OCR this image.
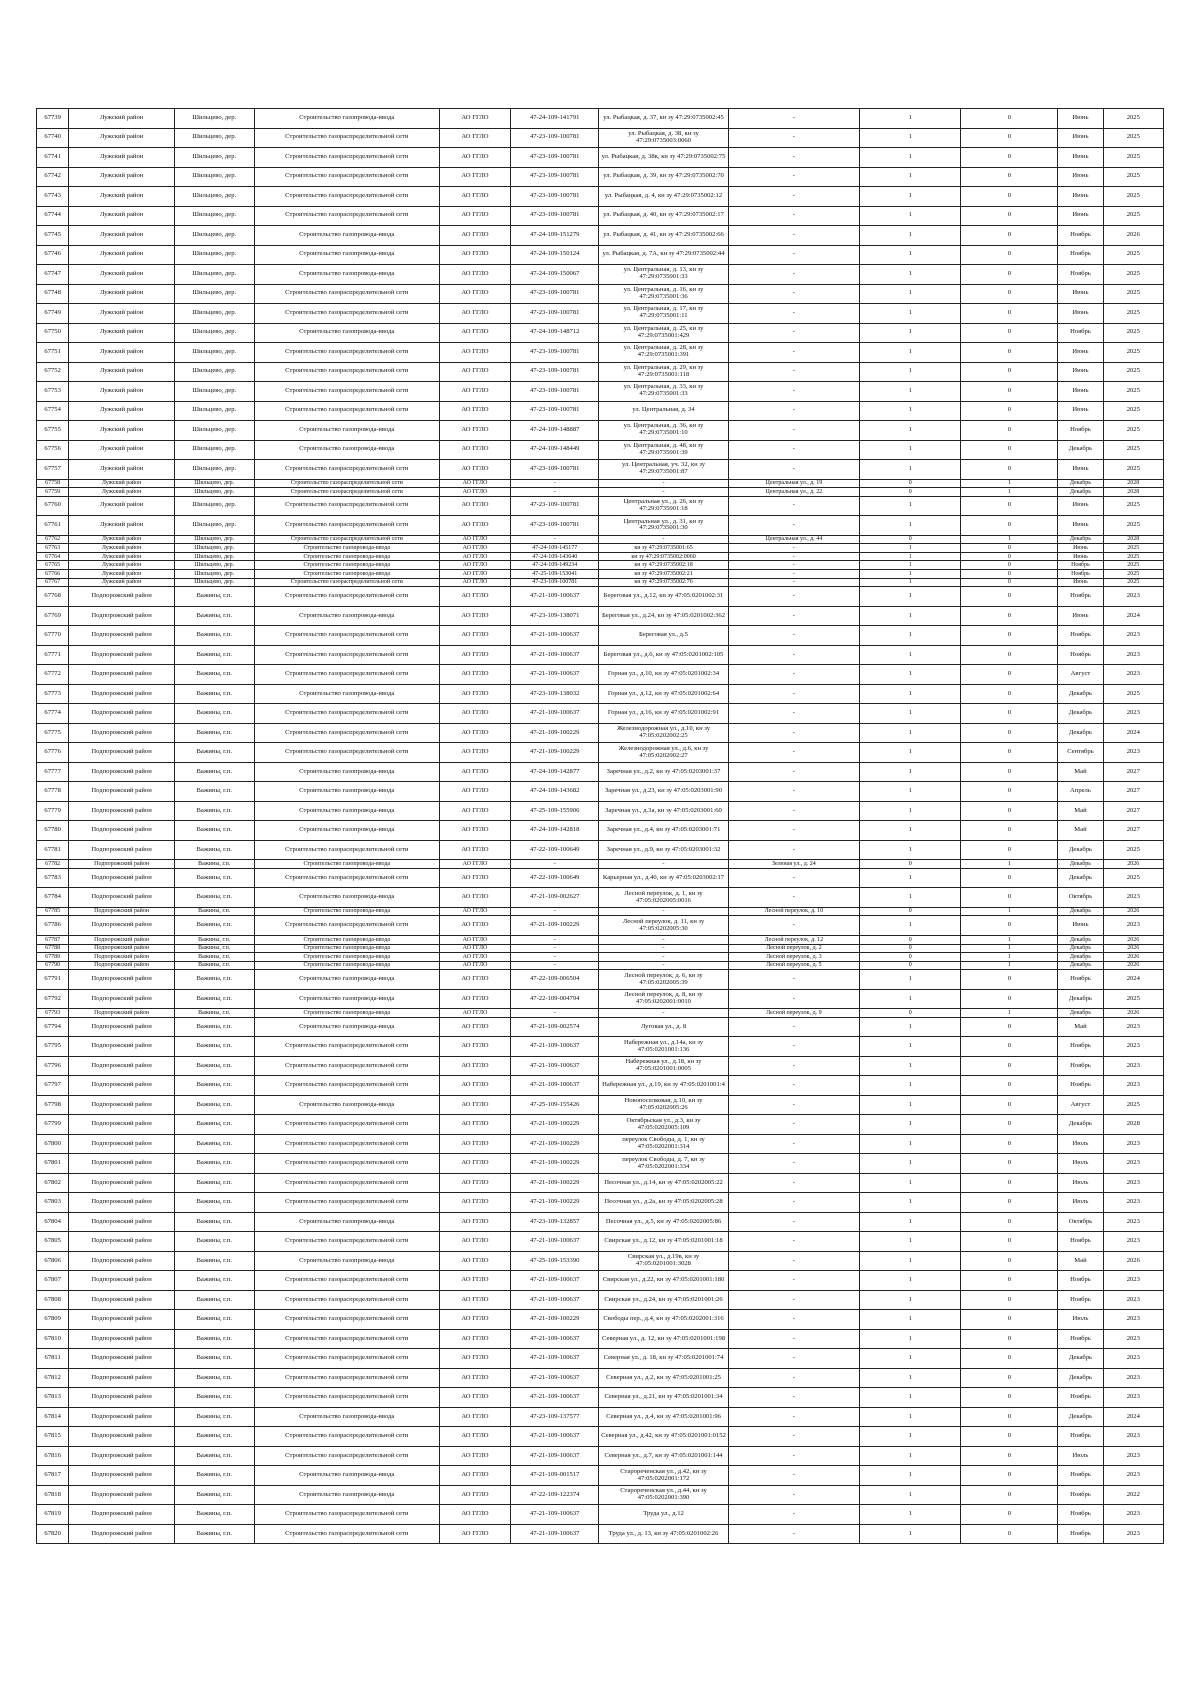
67739	Лужский район	Шильцево, дер.	Строительство газопровода-ввода	АО ГГЛО	47-24-109-141791	ул. Рыбацкая, д. 37, кн зу 47:29:0735002:45	-	1	0	Июнь	2025
67740	Лужский район	Шильцево, дер.	Строительство газораспределительной сети	АО ГГЛО	47-23-109-100781	ул. Рыбацкая, д. 38, кн зу 47:29:0735003:0060	-	1	0	Июнь	2025
67741	Лужский район	Шильцево, дер.	Строительство газораспределительной сети	АО ГГЛО	47-23-109-100781	ул. Рыбацкая, д. 38к, кн зу 47:29:0735002:75	-	1	0	Июнь	2025
67742	Лужский район	Шильцево, дер.	Строительство газораспределительной сети	АО ГГЛО	47-23-109-100781	ул. Рыбацкая, д. 39, кн зу 47:29:0735002:70	-	1	0	Июнь	2025
67743	Лужский район	Шильцево, дер.	Строительство газораспределительной сети	АО ГГЛО	47-23-109-100781	ул. Рыбацкая, д. 4, кн зу 47:29:0735002:12	-	1	0	Июнь	2025
67744	Лужский район	Шильцево, дер.	Строительство газораспределительной сети	АО ГГЛО	47-23-109-100781	ул. Рыбацкая, д. 40, кн зу 47:29:0735002:17	-	1	0	Июнь	2025
67745	Лужский район	Шильцево, дер.	Строительство газопровода-ввода	АО ГГЛО	47-24-109-151279	ул. Рыбацкая, д. 41, кн зу 47:29:0735002:66	-	1	0	Ноябрь	2026
67746	Лужский район	Шильцево, дер.	Строительство газопровода-ввода	АО ГГЛО	47-24-109-150124	ул. Рыбацкая, д. 7А, кн зу 47:29:0735002:44	-	1	0	Ноябрь	2025
67747	Лужский район	Шильцево, дер.	Строительство газопровода-ввода	АО ГГЛО	47-24-109-150067	ул. Центральная, д. 13, кн зу 47:29:0735001:33	-	1	0	Ноябрь	2025
67748	Лужский район	Шильцево, дер.	Строительство газораспределительной сети	АО ГГЛО	47-23-109-100781	ул. Центральная, д. 16, кн зу 47:29:0735001:36	-	1	0	Июнь	2025
67749	Лужский район	Шильцево, дер.	Строительство газораспределительной сети	АО ГГЛО	47-23-109-100781	ул. Центральная, д. 17, кн зу 47:29:0735001:11	-	1	0	Июнь	2025
67750	Лужский район	Шильцево, дер.	Строительство газопровода-ввода	АО ГГЛО	47-24-109-148712	ул. Центральная, д. 25, кн зу 47:29:0735001:429	-	1	0	Ноябрь	2025
67751	Лужский район	Шильцево, дер.	Строительство газораспределительной сети	АО ГГЛО	47-23-109-100781	ул. Центральная, д. 28, кн зу 47:29:0735001:391	-	1	0	Июнь	2025
67752	Лужский район	Шильцево, дер.	Строительство газораспределительной сети	АО ГГЛО	47-23-109-100781	ул. Центральная, д. 29, кн зу 47:29:0735001:118	-	1	0	Июнь	2025
67753	Лужский район	Шильцево, дер.	Строительство газораспределительной сети	АО ГГЛО	47-23-109-100781	ул. Центральная, д. 33, кн зу 47:29:0735001:33	-	1	0	Июнь	2025
67754	Лужский район	Шильцево, дер.	Строительство газораспределительной сети	АО ГГЛО	47-23-109-100781	ул. Центральная, д. 34	-	1	0	Июнь	2025
67755	Лужский район	Шильцево, дер.	Строительство газопровода-ввода	АО ГГЛО	47-24-109-148887	ул. Центральная, д. 36, кн зу 47:29:0735001:10	-	1	0	Ноябрь	2025
67756	Лужский район	Шильцево, дер.	Строительство газопровода-ввода	АО ГГЛО	47-24-109-148449	ул. Центральная, д. 48, кн зу 47:29:0735001:39	-	1	0	Декабрь	2025
67757	Лужский район	Шильцево, дер.	Строительство газораспределительной сети	АО ГГЛО	47-23-109-100781	ул. Центральная, уч. 32, кн зу 47:29:0735001:87	-	1	0	Июнь	2025
67758	Лужский район	Шильцево, дер.	Строительство газораспределительной сети	АО ГГЛО	-	-	Центральная ул., д. 19	0	1	Декабрь	2028
67759	Лужский район	Шильцево, дер.	Строительство газораспределительной сети	АО ГГЛО	-	-	Центральная ул., д. 22	0	1	Декабрь	2028
67760	Лужский район	Шильцево, дер.	Строительство газораспределительной сети	АО ГГЛО	47-23-109-100781	Центральная ул., д. 26, кн зу 47:29:0735001:18	-	1	0	Июнь	2025
67761	Лужский район	Шильцево, дер.	Строительство газораспределительной сети	АО ГГЛО	47-23-109-100781	Центральная ул., д. 31, кн зу 47:29:0735001:30	-	1	0	Июнь	2025
67762	Лужский район	Шильцево, дер.	Строительство газораспределительной сети	АО ГГЛО	-	-	Центральная ул., д. 44	0	1	Декабрь	2028
67763	Лужский район	Шильцево, дер.	Строительство газопровода-ввода	АО ГГЛО	47-24-109-145177	кн зу 47:29:0735001:65	-	1	0	Июнь	2025
67764	Лужский район	Шильцево, дер.	Строительство газопровода-ввода	АО ГГЛО	47-24-109-143640	кн зу 47:29:0735002:0060	-	1	0	Июнь	2025
67765	Лужский район	Шильцево, дер.	Строительство газопровода-ввода	АО ГГЛО	47-24-109-149234	кн зу 47:29:0735002:18	-	1	0	Ноябрь	2025
67766	Лужский район	Шильцево, дер.	Строительство газопровода-ввода	АО ГГЛО	47-25-109-153041	кн зу 47:29:0735002:21	-	1	0	Ноябрь	2025
67767	Лужский район	Шильцево, дер.	Строительство газораспределительной сети	АО ГГЛО	47-23-109-100781	кн зу 47:29:0735002:76	-	1	0	Июнь	2025
67768	Подпорожский район	Важины, г.п.	Строительство газораспределительной сети	АО ГГЛО	47-21-109-100637	Береговая ул., д.12, кн зу 47:05:0201002:31	-	1	0	Ноябрь	2023
67769	Подпорожский район	Важины, г.п.	Строительство газопровода-ввода	АО ГГЛО	47-23-109-138071	Береговая ул., д.24, кн зу 47:05:0201002:362	-	1	0	Июнь	2024
67770	Подпорожский район	Важины, г.п.	Строительство газораспределительной сети	АО ГГЛО	47-21-109-100637	Береговая ул., д.5	-	1	0	Ноябрь	2023
67771	Подпорожский район	Важины, г.п.	Строительство газораспределительной сети	АО ГГЛО	47-21-109-100637	Береговая ул., д.6, кн зу 47:05:0201002:105	-	1	0	Ноябрь	2023
67772	Подпорожский район	Важины, г.п.	Строительство газораспределительной сети	АО ГГЛО	47-21-109-100637	Горная ул., д.10, кн зу 47:05:0201002:34	-	1	0	Август	2023
67773	Подпорожский район	Важины, г.п.	Строительство газопровода-ввода	АО ГГЛО	47-23-109-138032	Горная ул., д.12, кн зу 47:05:0201002:64	-	1	0	Декабрь	2025
67774	Подпорожский район	Важины, г.п.	Строительство газораспределительной сети	АО ГГЛО	47-21-109-100637	Горная ул., д.16, кн зу 47:05:0201002:91	-	1	0	Декабрь	2023
67775	Подпорожский район	Важины, г.п.	Строительство газораспределительной сети	АО ГГЛО	47-21-109-100229	Железнодорожная ул., д.10, кн зу 47:05:0202002:25	-	1	0	Декабрь	2024
67776	Подпорожский район	Важины, г.п.	Строительство газораспределительной сети	АО ГГЛО	47-21-109-100229	Железнодорожная ул., д.6, кн зу 47:05:0202002:27	-	1	0	Сентябрь	2023
67777	Подпорожский район	Важины, г.п.	Строительство газопровода-ввода	АО ГГЛО	47-24-109-142877	Заречная ул., д.2, кн зу 47:05:0203001:37	-	1	0	Май	2027
67778	Подпорожский район	Важины, г.п.	Строительство газопровода-ввода	АО ГГЛО	47-24-109-143682	Заречная ул., д.23, кн зу 47:05:0203001:90	-	1	0	Апрель	2027
67779	Подпорожский район	Важины, г.п.	Строительство газопровода-ввода	АО ГГЛО	47-25-109-155906	Заречная ул., д.3а, кн зу 47:05:0203001:60	-	1	0	Май	2027
67780	Подпорожский район	Важины, г.п.	Строительство газопровода-ввода	АО ГГЛО	47-24-109-142818	Заречная ул., д.4, кн зу 47:05:0203001:71	-	1	0	Май	2027
67781	Подпорожский район	Важины, г.п.	Строительство газораспределительной сети	АО ГГЛО	47-22-109-100649	Заречная ул., д.9, кн зу 47:05:0203001:32	-	1	0	Декабрь	2025
67782	Подпорожский район	Важины, г.п.	Строительство газопровода-ввода	АО ГГЛО	-	-	Зеленая ул., д. 24	0	1	Декабрь	2026
67783	Подпорожский район	Важины, г.п.	Строительство газораспределительной сети	АО ГГЛО	47-22-109-100649	Карьерная ул., д.40, кн зу 47:05:0203002:17	-	1	0	Декабрь	2025
67784	Подпорожский район	Важины, г.п.	Строительство газопровода-ввода	АО ГГЛО	47-21-109-002627	Лесной переулок, д. 1, кн зу 47:05:0202005:0016	-	1	0	Октябрь	2023
67785	Подпорожский район	Важины, г.п.	Строительство газопровода-ввода	АО ГГЛО	-	-	Лесной переулок, д. 10	0	1	Декабрь	2026
67786	Подпорожский район	Важины, г.п.	Строительство газораспределительной сети	АО ГГЛО	47-21-109-100229	Лесной переулок, д. 11, кн зу 47:05:0202005:30	-	1	0	Июнь	2023
67787	Подпорожский район	Важины, г.п.	Строительство газопровода-ввода	АО ГГЛО	-	-	Лесной переулок, д. 12	0	1	Декабрь	2026
67788	Подпорожский район	Важины, г.п.	Строительство газопровода-ввода	АО ГГЛО	-	-	Лесной переулок, д. 2	0	1	Декабрь	2026
67789	Подпорожский район	Важины, г.п.	Строительство газопровода-ввода	АО ГГЛО	-	-	Лесной переулок, д. 3	0	1	Декабрь	2026
67790	Подпорожский район	Важины, г.п.	Строительство газопровода-ввода	АО ГГЛО	-	-	Лесной переулок, д. 5	0	1	Декабрь	2026
67791	Подпорожский район	Важины, г.п.	Строительство газопровода-ввода	АО ГГЛО	47-22-109-006504	Лесной переулок, д. 6, кн зу 47:05:0202005:39	-	1	0	Ноябрь	2024
67792	Подпорожский район	Важины, г.п.	Строительство газопровода-ввода	АО ГГЛО	47-22-109-004794	Лесной переулок, д. 8, кн зу 47:05:0202001:0010	-	1	0	Декабрь	2025
67793	Подпорожский район	Важины, г.п.	Строительство газопровода-ввода	АО ГГЛО	-	-	Лесной переулок, д. 9	0	1	Декабрь	2026
67794	Подпорожский район	Важины, г.п.	Строительство газопровода-ввода	АО ГГЛО	47-21-109-002574	Луговая ул., д. 8	-	1	0	Май	2023
67795	Подпорожский район	Важины, г.п.	Строительство газораспределительной сети	АО ГГЛО	47-21-109-100637	Набережная ул., д.14а, кн зу 47:05:0201001:136	-	1	0	Ноябрь	2023
67796	Подпорожский район	Важины, г.п.	Строительство газораспределительной сети	АО ГГЛО	47-21-109-100637	Набережная ул., д.18, кн зу 47:05:0201001:0005	-	1	0	Ноябрь	2023
67797	Подпорожский район	Важины, г.п.	Строительство газораспределительной сети	АО ГГЛО	47-21-109-100637	Набережная ул., д.19, кн зу 47:05:0201001:4	-	1	0	Ноябрь	2023
67798	Подпорожский район	Важины, г.п.	Строительство газопровода-ввода	АО ГГЛО	47-25-109-155426	Новопоселковая, д.10, кн зу 47:05:0202005:26	-	1	0	Август	2025
67799	Подпорожский район	Важины, г.п.	Строительство газораспределительной сети	АО ГГЛО	47-21-109-100229	Октябрьская ул., д.3, кн зу 47:05:0202005:109	-	1	0	Декабрь	2028
67800	Подпорожский район	Важины, г.п.	Строительство газораспределительной сети	АО ГГЛО	47-21-109-100229	переулок Свободы, д. 1, кн зу 47:05:0202001:314	-	1	0	Июль	2023
67801	Подпорожский район	Важины, г.п.	Строительство газораспределительной сети	АО ГГЛО	47-21-109-100229	переулок Свободы, д. 7, кн зу 47:05:0202001:334	-	1	0	Июль	2023
67802	Подпорожский район	Важины, г.п.	Строительство газораспределительной сети	АО ГГЛО	47-21-109-100229	Песочная ул., д.14, кн зу 47:05:0202005:22	-	1	0	Июль	2023
67803	Подпорожский район	Важины, г.п.	Строительство газораспределительной сети	АО ГГЛО	47-21-109-100229	Песочная ул., д.2а, кн зу 47:05:0202005:28	-	1	0	Июль	2023
67804	Подпорожский район	Важины, г.п.	Строительство газопровода-ввода	АО ГГЛО	47-23-109-132857	Песочная ул., д.5, кн зу 47:05:0202005:86	-	1	0	Октябрь	2023
67805	Подпорожский район	Важины, г.п.	Строительство газораспределительной сети	АО ГГЛО	47-21-109-100637	Свирская ул., д.12, кн зу 47:05:0201001:18	-	1	0	Ноябрь	2023
67806	Подпорожский район	Важины, г.п.	Строительство газопровода-ввода	АО ГГЛО	47-25-109-153390	Свирская ул., д.19в, кн зу 47:05:0201001:3028	-	1	0	Май	2026
67807	Подпорожский район	Важины, г.п.	Строительство газораспределительной сети	АО ГГЛО	47-21-109-100637	Свирская ул., д.22, кн зу 47:05:0201001:180	-	1	0	Ноябрь	2023
67808	Подпорожский район	Важины, г.п.	Строительство газораспределительной сети	АО ГГЛО	47-21-109-100637	Свирская ул., д.24, кн зу 47:05:0201001:26	-	1	0	Ноябрь	2023
67809	Подпорожский район	Важины, г.п.	Строительство газораспределительной сети	АО ГГЛО	47-21-109-100229	Свободы пер., д.4, кн зу 47:05:0202001:316	-	1	0	Июль	2023
67810	Подпорожский район	Важины, г.п.	Строительство газораспределительной сети	АО ГГЛО	47-21-109-100637	Северная ул., д. 12, кн зу 47:05:0201001:198	-	1	0	Ноябрь	2023
67811	Подпорожский район	Важины, г.п.	Строительство газораспределительной сети	АО ГГЛО	47-21-109-100637	Северная ул., д. 18, кн зу 47:05:0201001:74	-	1	0	Декабрь	2023
67812	Подпорожский район	Важины, г.п.	Строительство газораспределительной сети	АО ГГЛО	47-21-109-100637	Северная ул., д.2, кн зу 47:05:0201001:25	-	1	0	Декабрь	2023
67813	Подпорожский район	Важины, г.п.	Строительство газораспределительной сети	АО ГГЛО	47-21-109-100637	Северная ул., д.21, кн зу 47:05:0201001:34	-	1	0	Ноябрь	2023
67814	Подпорожский район	Важины, г.п.	Строительство газопровода-ввода	АО ГГЛО	47-23-109-137577	Северная ул., д.4, кн зу 47:05:0201001:96	-	1	0	Декабрь	2024
67815	Подпорожский район	Важины, г.п.	Строительство газораспределительной сети	АО ГГЛО	47-21-109-100637	Северная ул., д.42, кн зу 47:05:0201001:0152	-	1	0	Ноябрь	2023
67816	Подпорожский район	Важины, г.п.	Строительство газораспределительной сети	АО ГГЛО	47-21-109-100637	Северная ул., д.7, кн зу 47:05:0201001:144	-	1	0	Июль	2023
67817	Подпорожский район	Важины, г.п.	Строительство газопровода-ввода	АО ГГЛО	47-21-109-001517	Старореченская ул., д.42, кн зу 47:05:0202001:172	-	1	0	Ноябрь	2023
67818	Подпорожский район	Важины, г.п.	Строительство газопровода-ввода	АО ГГЛО	47-22-109-122374	Старореченская ул., д.44, кн зу 47:05:0202001:390	-	1	0	Ноябрь	2022
67819	Подпорожский район	Важины, г.п.	Строительство газораспределительной сети	АО ГГЛО	47-21-109-100637	Труда ул., д.12	-	1	0	Ноябрь	2023
67820	Подпорожский район	Важины, г.п.	Строительство газораспределительной сети	АО ГГЛО	47-21-109-100637	Труда ул., д. 13, кн зу 47:05:0201002:26	-	1	0	Ноябрь	2023
